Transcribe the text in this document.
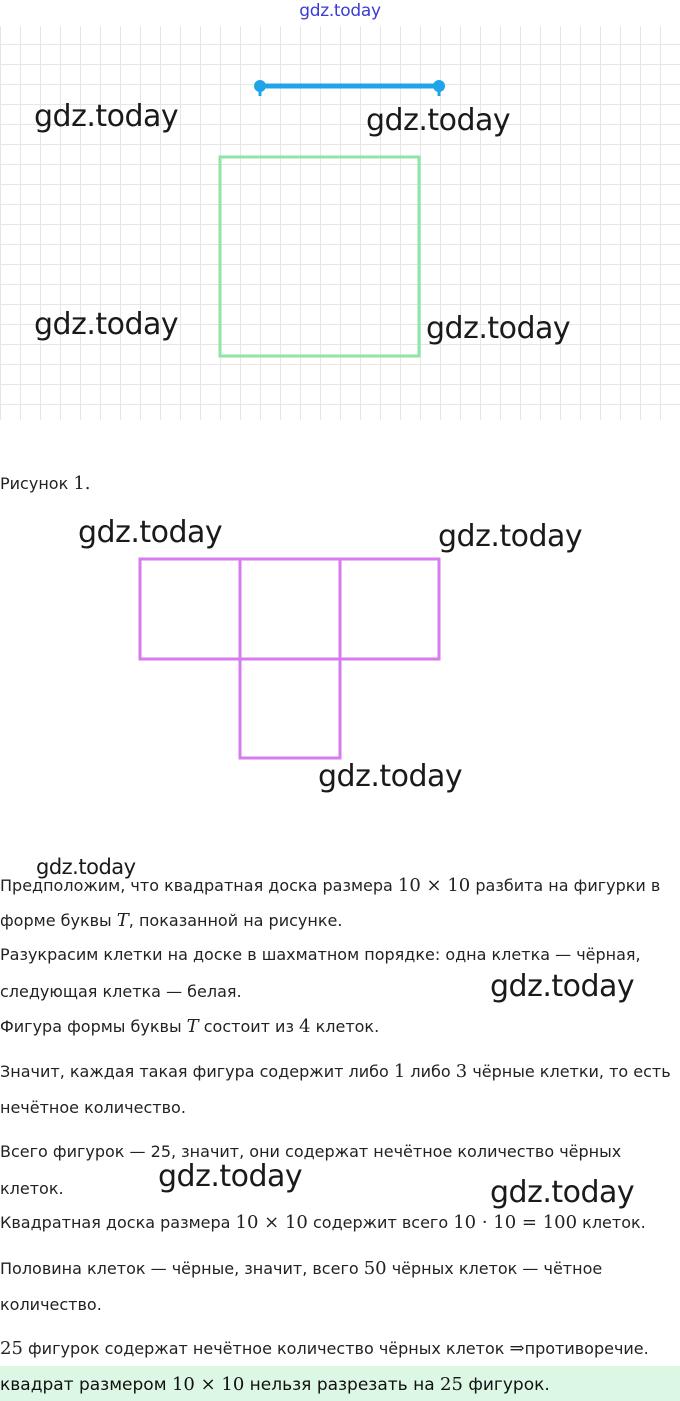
gdz.today
gdz.today	gdz.today
gdz.today	gdz.today
Рисунок 1.
gdz.today	gdz.today
gdz.today
gdz.today
Предположим, что квадратная доска размера 10 × 10 разбита на фигурки в
форме буквы T, показанной на рисунке.
Разукрасим клетки на доске в шахматном порядке: одна клетка — чёрная,
следующая клетка — белая.	gdz.today
Фигура формы буквы T состоит из 4 клеток.
Значит, каждая такая фигура содержит либо 1 либо 3 чёрные клетки, то есть
нечётное количество.
Всего фигурок — 25, значит, они содержат нечётное количество чёрных
клеток.	gdz.today	gdz.today
Квадратная доска размера 10 × 10 содержит всего 10 · 10 = 100 клеток.
Половина клеток — чёрные, значит, всего 50 чёрных клеток — чётное
количество.
25 фигурок содержат нечётное количество чёрных клеток ⇒противоречие.
квадрат размером 10 × 10 нельзя разрезать на 25 фигурок.
